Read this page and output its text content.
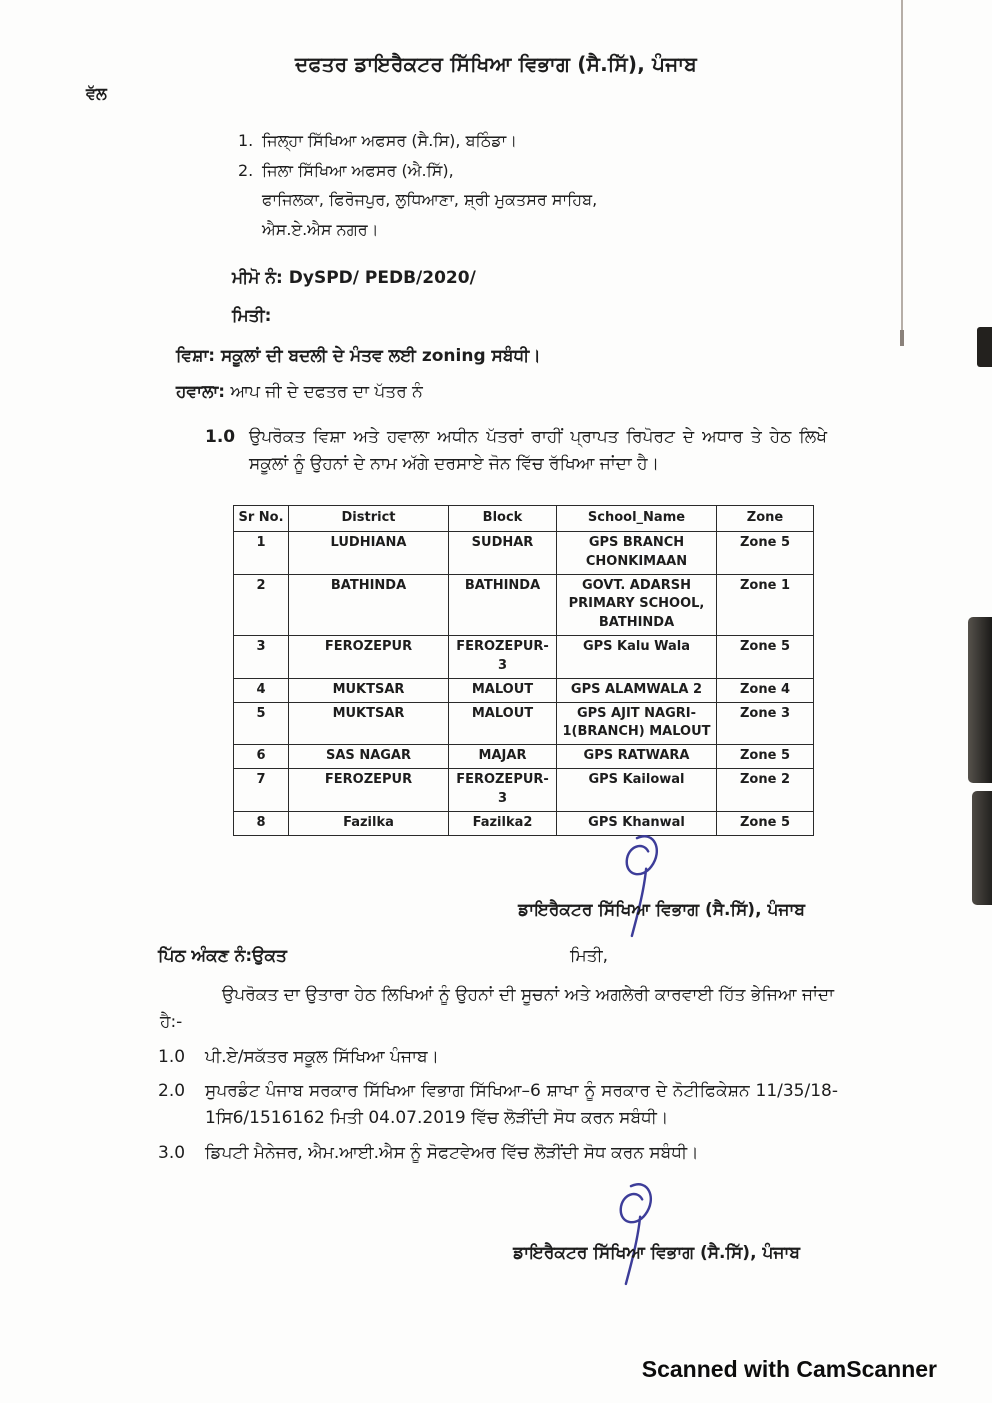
ਦਫਤਰ ਡਾਇਰੈਕਟਰ ਸਿੱਖਿਆ ਵਿਭਾਗ (ਸੈ.ਸਿੱ), ਪੰਜਾਬ
ਵੱਲ
1. ਜਿਲ੍ਹਾ ਸਿੱਖਿਆ ਅਫਸਰ (ਸੈ.ਸਿ), ਬਠਿੰਡਾ।
2. ਜਿਲਾ ਸਿੱਖਿਆ ਅਫਸਰ (ਐ.ਸਿੱ),
ਫਾਜਿਲਕਾ, ਫਿਰੋਜਪੁਰ, ਲੁਧਿਆਣਾ, ਸ਼੍ਰੀ ਮੁਕਤਸਰ ਸਾਹਿਬ,
ਐਸ.ਏ.ਐਸ ਨਗਰ।
ਮੀਮੋ ਨੰ: DySPD/ PEDB/2020/
ਮਿਤੀ:
ਵਿਸ਼ਾ: ਸਕੂਲਾਂ ਦੀ ਬਦਲੀ ਦੇ ਮੰਤਵ ਲਈ zoning ਸਬੰਧੀ।
ਹਵਾਲਾ: ਆਪ ਜੀ ਦੇ ਦਫਤਰ ਦਾ ਪੱਤਰ ਨੰ
1.0 ਉਪਰੋਕਤ ਵਿਸ਼ਾ ਅਤੇ ਹਵਾਲਾ ਅਧੀਨ ਪੱਤਰਾਂ ਰਾਹੀਂ ਪ੍ਰਾਪਤ ਰਿਪੋਰਟ ਦੇ ਅਧਾਰ ਤੇ ਹੇਠ ਲਿਖੇ ਸਕੂਲਾਂ ਨੂੰ ਉਹਨਾਂ ਦੇ ਨਾਮ ਅੱਗੇ ਦਰਸਾਏ ਜੋਨ ਵਿੱਚ ਰੱਖਿਆ ਜਾਂਦਾ ਹੈ।
Sr No.	District	Block	School_Name	Zone
1	LUDHIANA	SUDHAR	GPS BRANCH CHONKIMAAN	Zone 5
2	BATHINDA	BATHINDA	GOVT. ADARSH PRIMARY SCHOOL, BATHINDA	Zone 1
3	FEROZEPUR	FEROZEPUR-3	GPS Kalu Wala	Zone 5
4	MUKTSAR	MALOUT	GPS ALAMWALA 2	Zone 4
5	MUKTSAR	MALOUT	GPS AJIT NAGRI-1(BRANCH) MALOUT	Zone 3
6	SAS NAGAR	MAJAR	GPS RATWARA	Zone 5
7	FEROZEPUR	FEROZEPUR-3	GPS Kailowal	Zone 2
8	Fazilka	Fazilka2	GPS Khanwal	Zone 5
ਡਾਇਰੈਕਟਰ ਸਿੱਖਿਆ ਵਿਭਾਗ (ਸੈ.ਸਿੱ), ਪੰਜਾਬ
ਪਿੱਠ ਅੰਕਣ ਨੰ:ਉਕਤ	ਮਿਤੀ,
ਉਪਰੋਕਤ ਦਾ ਉਤਾਰਾ ਹੇਠ ਲਿਖਿਆਂ ਨੂੰ ਉਹਨਾਂ ਦੀ ਸੂਚਨਾਂ ਅਤੇ ਅਗਲੇਰੀ ਕਾਰਵਾਈ ਹਿੱਤ ਭੇਜਿਆ ਜਾਂਦਾ ਹੈ:-
1.0	ਪੀ.ਏ/ਸਕੱਤਰ ਸਕੂਲ ਸਿੱਖਿਆ ਪੰਜਾਬ।
2.0	ਸੁਪਰਡੰਟ ਪੰਜਾਬ ਸਰਕਾਰ ਸਿੱਖਿਆ ਵਿਭਾਗ ਸਿੱਖਿਆ–6 ਸ਼ਾਖਾ ਨੂੰ ਸਰਕਾਰ ਦੇ ਨੋਟੀਫਿਕੇਸ਼ਨ 11/35/18-1ਸਿ6/1516162 ਮਿਤੀ 04.07.2019 ਵਿੱਚ ਲੋੜੀਂਦੀ ਸੋਧ ਕਰਨ ਸਬੰਧੀ।
3.0	ਡਿਪਟੀ ਮੈਨੇਜਰ, ਐਮ.ਆਈ.ਐਸ ਨੂੰ ਸੋਫਟਵੇਅਰ ਵਿੱਚ ਲੋੜੀਂਦੀ ਸੋਧ ਕਰਨ ਸਬੰਧੀ।
ਡਾਇਰੈਕਟਰ ਸਿੱਖਿਆ ਵਿਭਾਗ (ਸੈ.ਸਿੱ), ਪੰਜਾਬ
Scanned with CamScanner
